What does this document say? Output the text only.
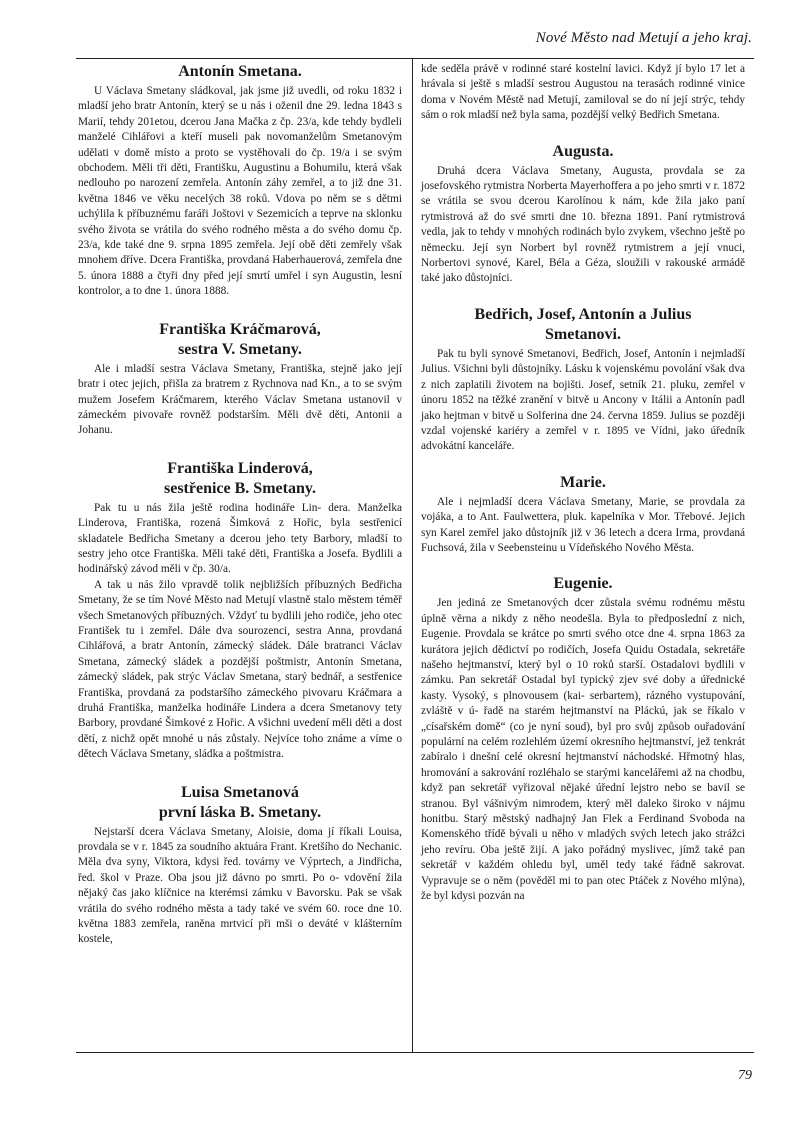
Nové Město nad Metují a jeho kraj.
Antonín Smetana.

U Václava Smetany sládkoval, jak jsme již uvedli, od roku 1832 i mladší jeho bratr Antonín, který se u nás i oženil dne 29. ledna 1843 s Marií, tehdy 201etou, dcerou Jana Mačka z čp. 23/a, kde tehdy bydleli manželé Cihlářovi a kteří museli pak novomanželům Smetanovým udělati v domě místo a proto se vystěhovali do čp. 19/a i se svým obchodem. Měli tři děti, Františku, Augustinu a Bohumilu, která však nedlouho po narození zemřela. Antonín záhy zemřel, a to již dne 31. května 1846 ve věku necelých 38 roků. Vdova po něm se s dětmi uchýlila k příbuznému faráři Joštovi v Sezemicích a teprve na sklonku svého života se vrátila do svého rodného města a do svého domu čp. 23/a, kde také dne 9. srpna 1895 zemřela. Její obě děti zemřely však mnohem dříve. Dcera Františka, provdaná Haberhauerová, zemřela dne 5. února 1888 a čtyři dny před její smrtí umřel i syn Augustin, lesní kontrolor, a to dne 1. února 1888.

Františka Kráčmarová,
sestra V. Smetany.

Ale i mladší sestra Václava Smetany, Františka, stejně jako její bratr i otec jejich, přišla za bratrem z Rychnova nad Kn., a to se svým mužem Josefem Kráčmarem, kterého Václav Smetana ustanovil v zámeckém pivovaře rovněž podstarším. Měli dvě děti, Antonii a Johanu.

Františka Linderová,
sestřenice B. Smetany.

Pak tu u nás žila ještě rodina hodináře Lin- dera. Manželka Linderova, Františka, rozená Šimková z Hořic, byla sestřenicí skladatele Bedřicha Smetany a dcerou jeho tety Barbory, mladší to sestry jeho otce Františka. Měli také děti, Františka a Josefa. Bydlili a hodinářský závod měli v čp. 30/a.

A tak u nás žilo vpravdě tolik nejbližších příbuzných Bedřicha Smetany, že se tím Nové Město nad Metují vlastně stalo městem téměř všech Smetanových příbuzných. Vždyť tu bydlili jeho rodiče, jeho otec František tu i zemřel. Dále dva sourozenci, sestra Anna, provdaná Cihlářová, a bratr Antonín, zámecký sládek. Dále bratranci Václav Smetana, zámecký sládek a pozdější poštmistr, Antonín Smetana, zámecký sládek, pak strýc Václav Smetana, starý bednář, a sestřenice Františka, provdaná za podstaršího zámeckého pivovaru Kráčmara a druhá Františka, manželka hodináře Lindera a dcera Smetanovy tety Barbory, provdané Šimkové z Hořic. A všichni uvedení měli děti a dost dětí, z nichž opět mnohé u nás zůstaly. Nejvíce toho známe a víme o dětech Václava Smetany, sládka a poštmistra.

Luisa Smetanová
první láska B. Smetany.

Nejstarší dcera Václava Smetany, Aloisie, doma jí říkali Louisa, provdala se v r. 1845 za soudního aktuára Frant. Kretšího do Nechanic. Měla dva syny, Viktora, kdysi řed. továrny ve Výprtech, a Jindřicha, řed. škol v Praze. Oba jsou již dávno po smrti. Po o- vdovění žila nějaký čas jako klíčnice na kterémsi zámku v Bavorsku. Pak se však vrátila do svého rodného města a tady také ve svém 60. roce dne 10. května 1883 zemřela, raněna mrtvicí při mši o deváté v klášterním kostele,

kde seděla právě v rodinné staré kostelní lavici. Když jí bylo 17 let a hrávala si ještě s mladší sestrou Augustou na terasách rodinné vinice doma v Novém Městě nad Metují, zamiloval se do ní její strýc, tehdy sám o rok mladší než byla sama, pozdější velký Bedřich Smetana.

Augusta.

Druhá dcera Václava Smetany, Augusta, provdala se za josefovského rytmistra Norberta Mayerhoffera a po jeho smrti v r. 1872 se vrátila se svou dcerou Karolínou k nám, kde žila jako paní rytmistrová až do své smrti dne 10. března 1891. Paní rytmistrová vedla, jak to tehdy v mnohých rodinách bylo zvykem, všechno ještě po německu. Její syn Norbert byl rovněž rytmistrem a její vnuci, Norbertovi synové, Karel, Béla a Géza, sloužili v rakouské armádě také jako důstojníci.

Bedřich, Josef, Antonín a Julius
Smetanovi.

Pak tu byli synové Smetanovi, Bedřich, Josef, Antonín i nejmladší Julius. Všichni byli důstojníky. Lásku k vojenskému povolání však dva z nich zaplatili životem na bojišti. Josef, setník 21. pluku, zemřel v únoru 1852 na těžké zranění v bitvě u Ancony v Itálii a Antonín padl jako hejtman v bitvě u Solferina dne 24. června 1859. Julius se později vzdal vojenské kariéry a zemřel v r. 1895 ve Vídni, jako úředník advokátní kanceláře.

Marie.

Ale i nejmladší dcera Václava Smetany, Marie, se provdala za vojáka, a to Ant. Faulwettera, pluk. kapelníka v Mor. Třebové. Jejich syn Karel zemřel jako důstojník již v 36 letech a dcera Irma, provdaná Fuchsová, žila v Seebensteinu u Vídeňského Nového Města.

Eugenie.

Jen jediná ze Smetanových dcer zůstala svému rodnému městu úplně věrna a nikdy z něho neodešla. Byla to předposlední z nich, Eugenie. Provdala se krátce po smrti svého otce dne 4. srpna 1863 za kurátora jejich dědictví po rodičích, Josefa Quidu Ostadala, sekretáře našeho hejtmanství, který byl o 10 roků starší. Ostadalovi bydlili v zámku. Pan sekretář Ostadal byl typický zjev své doby a úřednické kasty. Vysoký, s plnovousem (kai- serbartem), rázného vystupování, zvláště v ú- řadě na starém hejtmanství na Pláckú, jak se říkalo v „císařském domě“ (co je nyní soud), byl pro svůj způsob ouřadování populární na celém rozlehlém území okresního hejtmanství, jež tenkrát zabíralo i dnešní celé okresní hejtmanství náchodské. Hřmotný hlas, hromování a sakrování rozléhalo se starými kancelářemi až na chodbu, když pan sekretář vyřizoval nějaké úřední lejstro nebo se bavil se stranou. Byl vášnivým nimrodem, který měl daleko široko v nájmu honitbu. Starý městský nadhajný Jan Flek a Ferdinand Svoboda na Komenského třídě bývali u něho v mladých svých letech jako strážci jeho revíru. Oba ještě žijí. A jako pořádný myslivec, jímž také pan sekretář v každém ohledu byl, uměl tedy také řádně sakrovat. Vypravuje se o něm (pověděl mi to pan otec Ptáček z Nového mlýna), že byl kdysi pozván na

79
